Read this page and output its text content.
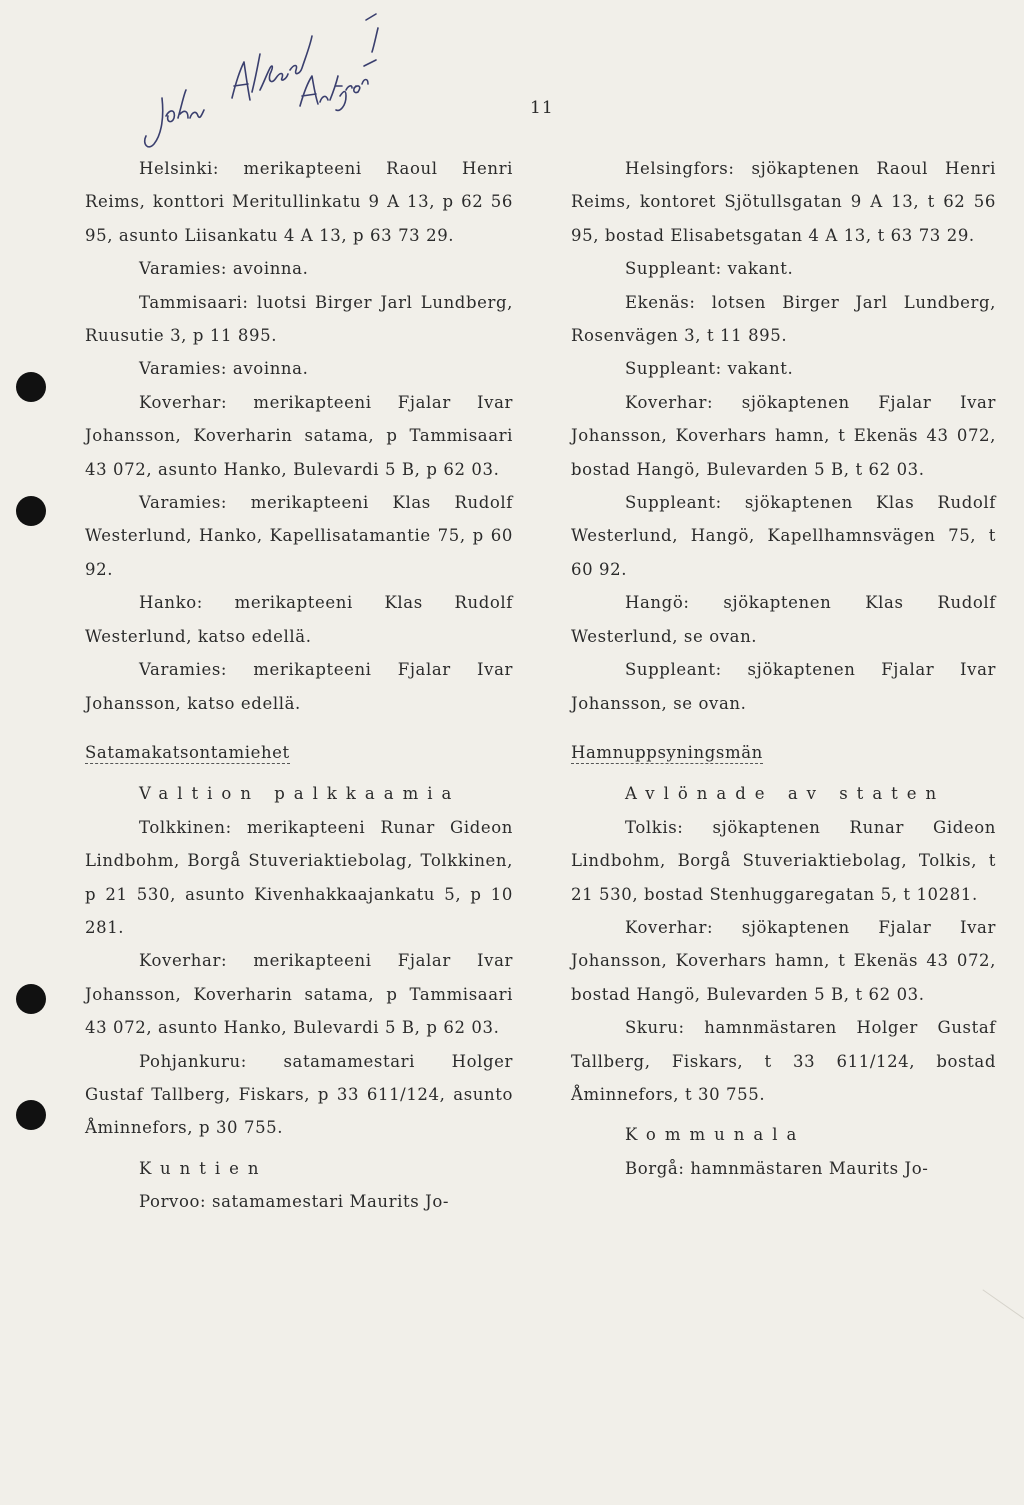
11

Helsinki: merikapteeni Raoul Henri Reims, konttori Meritullinkatu 9 A 13, p 62 56 95, asunto Liisankatu 4 A 13, p 63 73 29.

Varamies: avoinna.

Tammisaari: luotsi Birger Jarl Lundberg, Ruusutie 3, p 11 895.

Varamies: avoinna.

Koverhar: merikapteeni Fjalar Ivar Johansson, Koverharin satama, p Tammisaari 43 072, asunto Hanko, Bulevardi 5 B, p 62 03.

Varamies: merikapteeni Klas Rudolf Westerlund, Hanko, Kapellisatamantie 75, p 60 92.

Hanko: merikapteeni Klas Rudolf Westerlund, katso edellä.

Varamies: merikapteeni Fjalar Ivar Johansson, katso edellä.

Satamakatsontamiehet

Valtion palkkaamia

Tolkkinen: merikapteeni Runar Gideon Lindbohm, Borgå Stuveriaktiebolag, Tolkkinen, p 21 530, asunto Kivenhakkaajankatu 5, p 10 281.

Koverhar: merikapteeni Fjalar Ivar Johansson, Koverharin satama, p Tammisaari 43 072, asunto Hanko, Bulevardi 5 B, p 62 03.

Pohjankuru: satamamestari Holger Gustaf Tallberg, Fiskars, p 33 611/124, asunto Åminnefors, p 30 755.

Kuntien

Porvoo: satamamestari Maurits Jo-

Helsingfors: sjökaptenen Raoul Henri Reims, kontoret Sjötullsgatan 9 A 13, t 62 56 95, bostad Elisabetsgatan 4 A 13, t 63 73 29.

Suppleant: vakant.

Ekenäs: lotsen Birger Jarl Lundberg, Rosenvägen 3, t 11 895.

Suppleant: vakant.

Koverhar: sjökaptenen Fjalar Ivar Johansson, Koverhars hamn, t Ekenäs 43 072, bostad Hangö, Bulevarden 5 B, t 62 03.

Suppleant: sjökaptenen Klas Rudolf Westerlund, Hangö, Kapellhamnsvägen 75, t 60 92.

Hangö: sjökaptenen Klas Rudolf Westerlund, se ovan.

Suppleant: sjökaptenen Fjalar Ivar Johansson, se ovan.

Hamnuppsyningsmän

Avlönade av staten

Tolkis: sjökaptenen Runar Gideon Lindbohm, Borgå Stuveriaktiebolag, Tolkis, t 21 530, bostad Stenhuggaregatan 5, t 10281.

Koverhar: sjökaptenen Fjalar Ivar Johansson, Koverhars hamn, t Ekenäs 43 072, bostad Hangö, Bulevarden 5 B, t 62 03.

Skuru: hamnmästaren Holger Gustaf Tallberg, Fiskars, t 33 611/124, bostad Åminnefors, t 30 755.

Kommunala

Borgå: hamnmästaren Maurits Jo-
